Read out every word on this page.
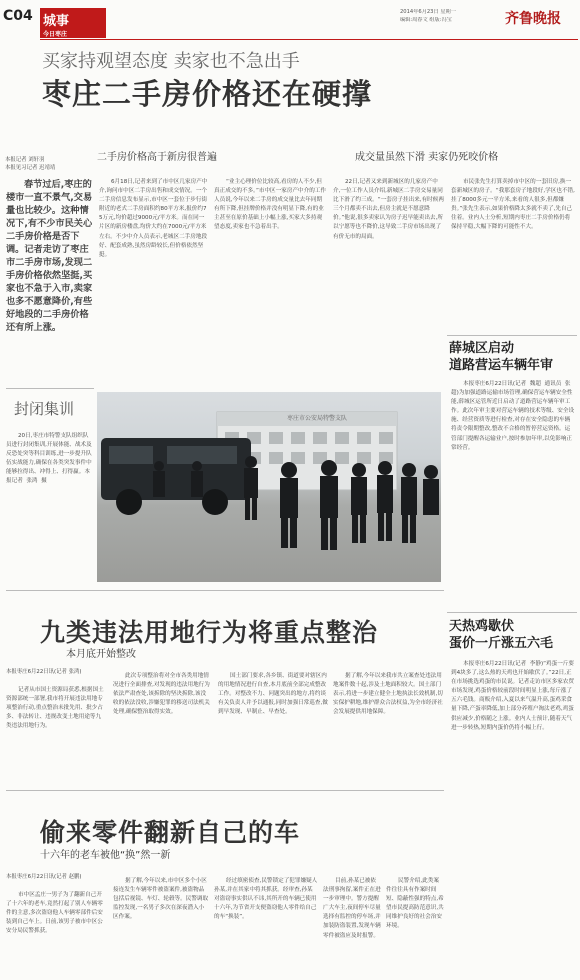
C04 城事
今日枣庄
2014年6月23日 星期一
编辑:周春文 组版:冯宝	齐鲁晚报
买家持观望态度 卖家也不急出手
枣庄二手房价格还在硬撑
本报记者 刘轩羽
本报见习记者 迟靖靖
春节过后,枣庄的楼市一直不景气,交易量也比较少。这种情况下,有不少市民关心二手房价格是否下调。记者走访了枣庄市二手房市场,发现二手房价格依然坚挺,买家也不急于入市,卖家也多不愿意降价,有些好地段的二手房价格还有所上涨。
二手房价格高于新房很普遍	成交量虽然下滑 卖家仍死咬价格
6月18日,记者来到了市中区几家房产中介,询问市中区二手房出售和成交情况。一个二手房信息发布显示,市中区一套位于步行街附近的老式二手房面积约80平方米,报价约75万元,均价超过9000元/平方米。而在同一片区的新房楼盘,均价大约在7000元/平方米左右。不少中介人员表示,老城区二手房地段好、配套成熟,虽然房龄较长,但价格依然坚挺。
“业主心理价位比较高,看房的人不少,但真正成交的不多。”市中区一家房产中介的工作人员说,今年以来二手房的成交量比去年同期有所下降,但挂牌价格并没有明显下降,有的业主甚至在原价基础上小幅上涨,买家大多持观望态度,卖家也不急着出手。
22日,记者又来到新城区的几家房产中介,一位工作人员介绍,新城区二手房交易量同比下滑了约三成。“一套房子挂出来,有时候两三个月都卖不出去,但房主就是不愿意降价。”他说,很多卖家认为房子迟早能卖出去,所以宁愿等也不降价,这导致二手房市场出现了有价无市的局面。
市民张先生打算卖掉市中区的一套旧房,换一套新城区的房子。“我那套房子地段好,学区也不错,挂了8000多元一平方米,来看的人很多,但都嫌贵。”张先生表示,如果价格降太多就不卖了,先自己住着。业内人士分析,短期内枣庄二手房价格仍将保持平稳,大幅下降的可能性不大。
封闭集训
20日,枣庄市特警支队组织队员进行封闭集训,开展体能、战术及反恐处突等科目训练,进一步提升队伍实战能力,确保在各类突发事件中能够拉得出、冲得上、打得赢。本报记者  张鸿  摄
枣庄市公安局特警支队
薛城区启动
道路营运车辆年审
本报枣庄6月22日讯(记者  魏超  通讯员  张超)为加强道路运输市场管理,确保营运车辆安全性能,薛城区运管所近日启动了道路营运车辆年审工作。此次年审主要对营运车辆的技术等级、安全设施、经营资质等进行检查,对存在安全隐患的车辆将责令限期整改,整改不合格的暂停营运资格。运管部门提醒各运输业户,按时参加年审,以免影响正常经营。
九类违法用地行为将重点整治
本月底开始整改
本报枣庄6月22日讯(记者 张鸿)
记者从市国土资源局获悉,根据国土资源部统一部署,我市将开展违法用地专项整治行动,重点整治未批先用、批少占多、非法转让、违规改变土地用途等九类违法用地行为。
此次专项整治将对全市各类用地情况进行全面排查,对发现的违法用地行为依法严肃查处,该拆除的坚决拆除,该没收的依法没收,涉嫌犯罪的移送司法机关处理,确保整治取得实效。
国土部门要求,各乡镇、街道要对辖区内的用地情况进行自查,本月底前全部完成整改工作。对整改不力、问题突出的地方,将约谈有关负责人并予以通报,同时加强日常巡查,做到早发现、早制止、早查处。
据了解,今年以来我市共立案查处违法用地案件数十起,涉及土地面积较大。国土部门表示,将进一步建立健全土地执法长效机制,切实保护耕地,维护群众合法权益,为全市经济社会发展提供用地保障。
天热鸡歇伏
蛋价一斤涨五六毛
本报枣庄6月22日讯(记者  李静)“鸡蛋一斤要到4块多了,这么热的天鸡也开始歇伏了。”22日,正在市场挑选鸡蛋的市民说。记者走访市区多家农贸市场发现,鸡蛋价格较前段时间明显上涨,每斤涨了五六毛钱。商贩介绍,入夏以来气温升高,蛋鸡采食量下降,产蛋率降低,加上部分养殖户淘汰老鸡,鸡蛋供应减少,价格随之上涨。业内人士预计,随着天气进一步转热,短期内蛋价仍将小幅上行。
偷来零件翻新自己的车
十六年的老车被他“换”然一新
本报枣庄6月22日讯(记者 赵鹏)
市中区孟庄一男子为了翻新自己开了十六年的老车,竟然打起了别人车辆零件的主意,多次盗窃他人车辆零部件后安装到自己车上。日前,该男子被市中区公安分局民警抓获。
据了解,今年以来,市中区多个小区接连发生车辆零件被盗案件,被盗物品包括后视镜、车灯、轮毂等。民警调取监控发现,一名男子多次在深夜潜入小区作案。
经过缜密侦查,民警锁定了犯罪嫌疑人孙某,并在其家中将其抓获。经审查,孙某对盗窃事实供认不讳,其所开的车辆已使用十六年,为节省开支便盗窃他人零件给自己的车“换装”。
目前,孙某已被依法刑事拘留,案件正在进一步审理中。警方提醒广大车主,夜间停车尽量选择有监控的停车场,并加装防盗装置,发现车辆零件被盗应及时报警。
民警介绍,此类案件往往具有作案时间短、隐蔽性强的特点,希望市民提高防范意识,共同维护良好的社会治安环境。
